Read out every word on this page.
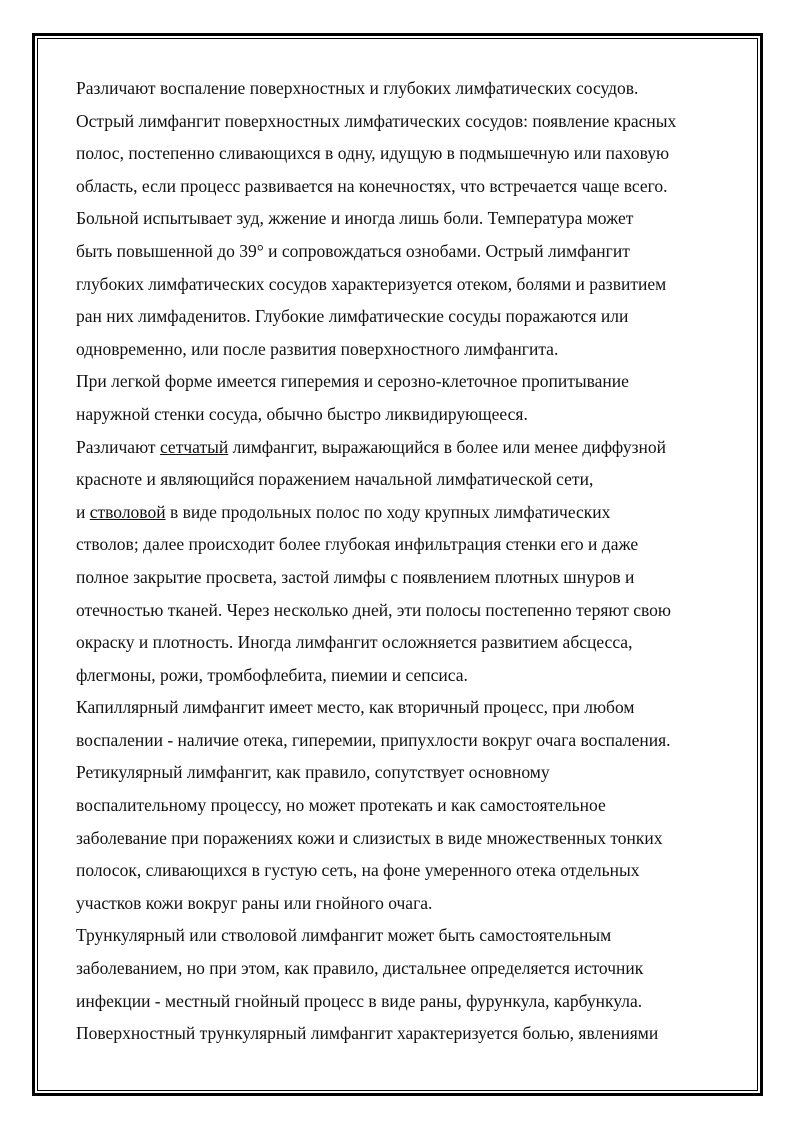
Различают воспаление поверхностных и глубоких лимфатических сосудов.
Острый лимфангит поверхностных лимфатических сосудов: появление красных
полос, постепенно сливающихся в одну, идущую в подмышечную или паховую
область, если процесс развивается на конечностях, что встречается чаще всего.
Больной испытывает зуд, жжение и иногда лишь боли. Температура может
быть повышенной до 39° и сопровождаться ознобами. Острый лимфангит
глубоких лимфатических сосудов характеризуется отеком, болями и развитием
ран них лимфаденитов. Глубокие лимфатические сосуды поражаются или
одновременно, или после развития поверхностного лимфангита.
При легкой форме имеется гиперемия и серозно-клеточное пропитывание
наружной стенки сосуда, обычно быстро ликвидирующееся.
Различают сетчатый лимфангит, выражающийся в более или менее диффузной
красноте и являющийся поражением начальной лимфатической сети,
и стволовой в виде продольных полос по ходу крупных лимфатических
стволов; далее происходит более глубокая инфильтрация стенки его и даже
полное закрытие просвета, застой лимфы с появлением плотных шнуров и
отечностью тканей. Через несколько дней, эти полосы постепенно теряют свою
окраску и плотность. Иногда лимфангит осложняется развитием абсцесса,
флегмоны, рожи, тромбофлебита, пиемии и сепсиса.
Капиллярный лимфангит имеет место, как вторичный процесс, при любом
воспалении - наличие отека, гиперемии, припухлости вокруг очага воспаления.
Ретикулярный лимфангит, как правило, сопутствует основному
воспалительному процессу, но может протекать и как самостоятельное
заболевание при поражениях кожи и слизистых в виде множественных тонких
полосок, сливающихся в густую сеть, на фоне умеренного отека отдельных
участков кожи вокруг раны или гнойного очага.
Трункулярный или стволовой лимфангит может быть самостоятельным
заболеванием, но при этом, как правило, дистальнее определяется источник
инфекции - местный гнойный процесс в виде раны, фурункула, карбункула.
Поверхностный трункулярный лимфангит характеризуется болью, явлениями
